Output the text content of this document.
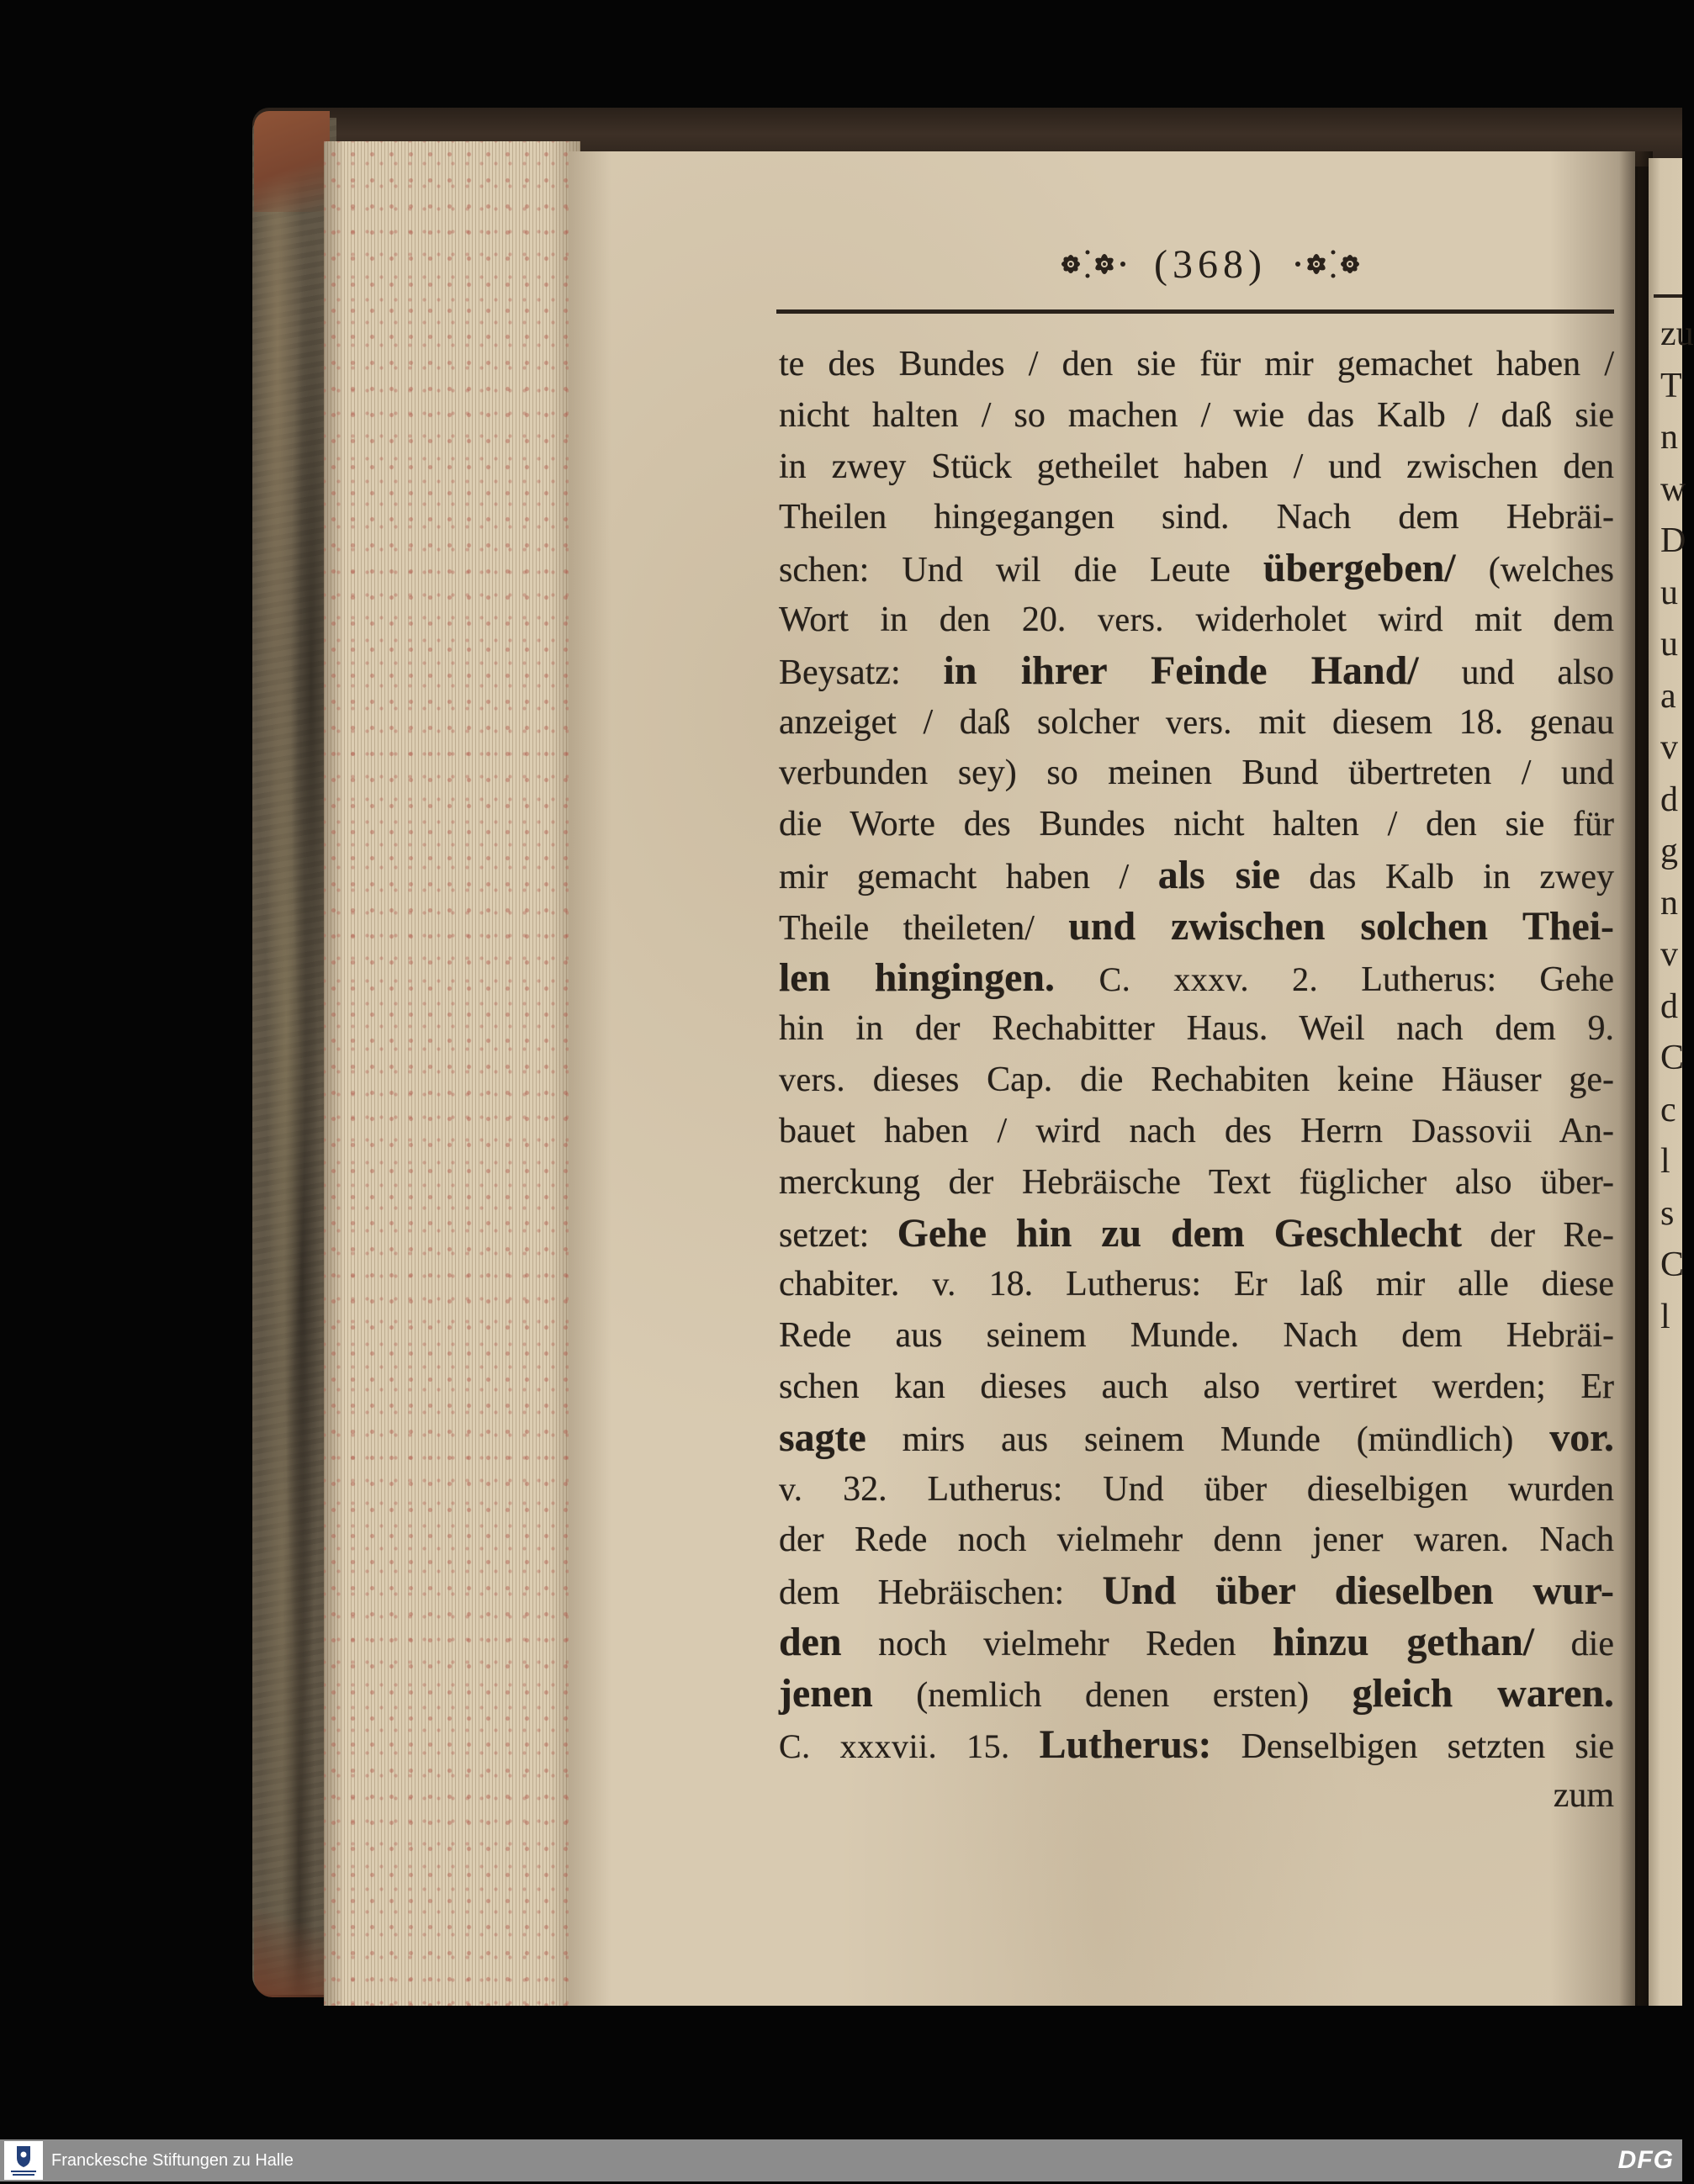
zu
T
n
w
D
u
u
a
v
d
g
n
v
d
C
c
l
s
C
l
(368)
te des Bundes / den sie für mir gemachet haben /
nicht halten / so machen / wie das Kalb / daß sie
in zwey Stück getheilet haben / und zwischen den
Theilen hingegangen sind. Nach dem Hebräi-
schen: Und wil die Leute übergeben/ (welches
Wort in den 20. vers. widerholet wird mit dem
Beysatz: in ihrer Feinde Hand/ und also
anzeiget / daß solcher vers. mit diesem 18. genau
verbunden sey) so meinen Bund übertreten / und
die Worte des Bundes nicht halten / den sie für
mir gemacht haben / als sie das Kalb in zwey
Theile theileten/ und zwischen solchen Thei-
len hingingen. C. xxxv. 2. Lutherus: Gehe
hin in der Rechabitter Haus. Weil nach dem 9.
vers. dieses Cap. die Rechabiten keine Häuser ge-
bauet haben / wird nach des Herrn Dassovii An-
merckung der Hebräische Text füglicher also über-
setzet: Gehe hin zu dem Geschlecht der Re-
chabiter. v. 18. Lutherus: Er laß mir alle diese
Rede aus seinem Munde. Nach dem Hebräi-
schen kan dieses auch also vertiret werden; Er
sagte mirs aus seinem Munde (mündlich) vor.
v. 32. Lutherus: Und über dieselbigen wurden
der Rede noch vielmehr denn jener waren. Nach
dem Hebräischen: Und über dieselben wur-
den noch vielmehr Reden hinzu gethan/ die
jenen (nemlich denen ersten) gleich waren.
C. xxxvii. 15. Lutherus: Denselbigen setzten sie
zum
Franckesche Stiftungen zu Halle	DFG
